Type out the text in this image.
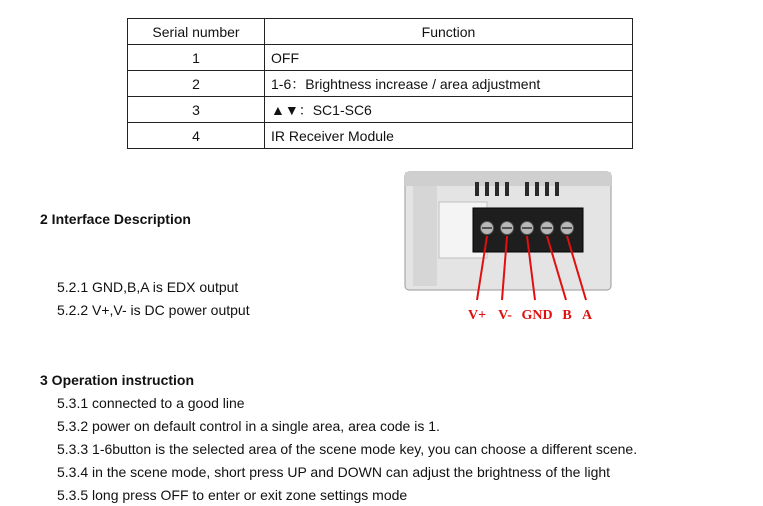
Serial number	Function
1	OFF
2	1-6：Brightness increase / area adjustment
3	▲▼：SC1-SC6
4	IR Receiver Module
2 Interface Description
5.2.1 GND,B,A is EDX output
5.2.2 V+,V- is DC power output	V+ V- GND B A
3 Operation instruction
5.3.1 connected to a good line
5.3.2 power on default control in a single area, area code is 1.
5.3.3 1-6button is the selected area of the scene mode key, you can choose a different scene.
5.3.4 in the scene mode, short press UP and DOWN can adjust the brightness of the light
5.3.5 long press OFF to enter or exit zone settings mode
